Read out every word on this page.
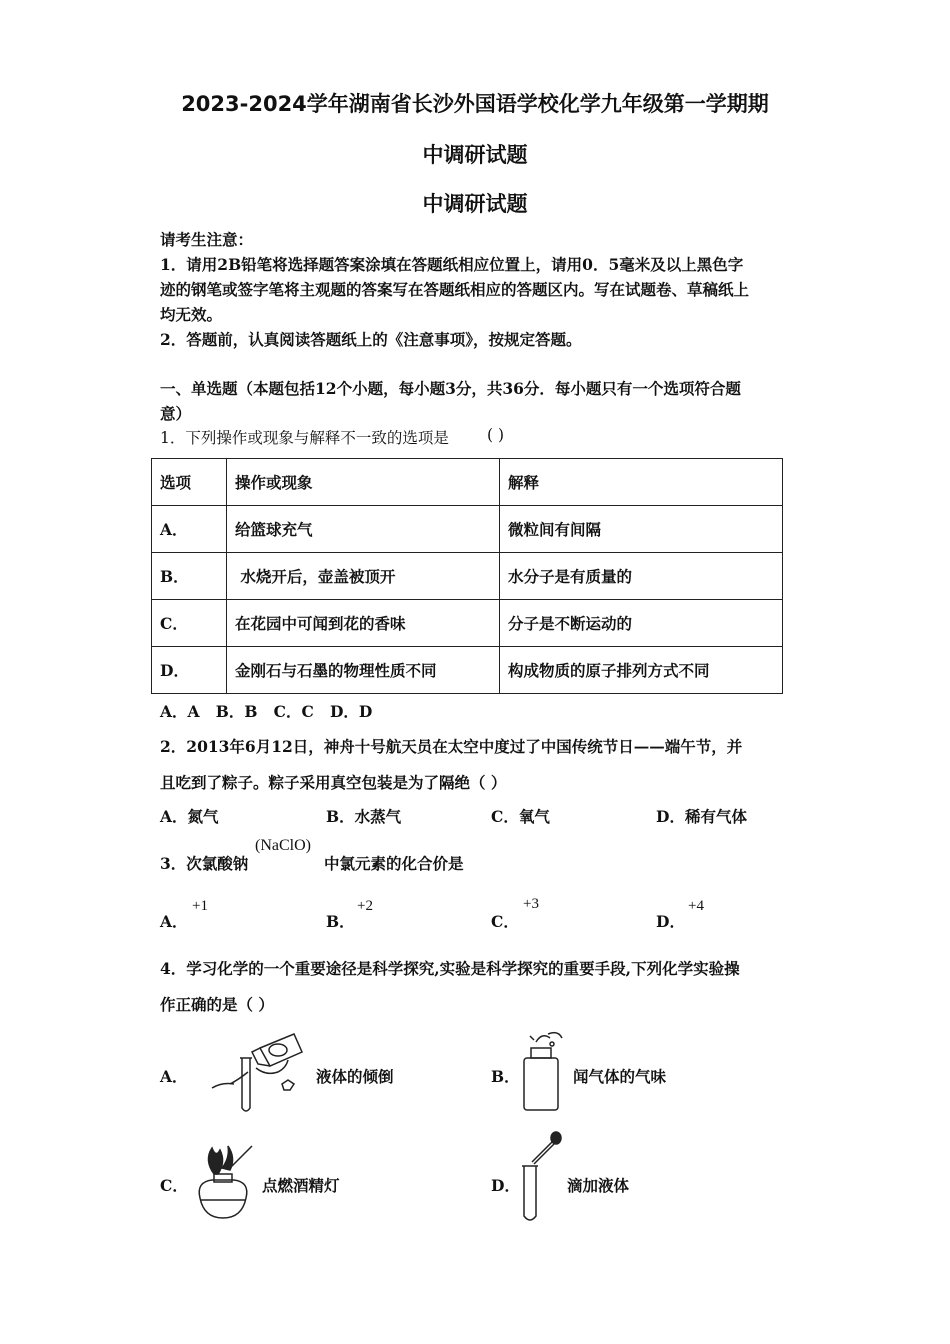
2023-2024学年湖南省长沙外国语学校化学九年级第一学期期
中调研试题
中调研试题
请考生注意：
1．请用2B铅笔将选择题答案涂填在答题纸相应位置上，请用0．5毫米及以上黑色字
迹的钢笔或签字笔将主观题的答案写在答题纸相应的答题区内。写在试题卷、草稿纸上
均无效。
2．答题前，认真阅读答题纸上的《注意事项》，按规定答题。
一、单选题（本题包括12个小题，每小题3分，共36分．每小题只有一个选项符合题
意）
1．下列操作或现象与解释不一致的选项是 ( )
选项	操作或现象	解释
A．	给篮球充气	微粒间有间隔
B．	水烧开后，壶盖被顶开	水分子是有质量的
C．	在花园中可闻到花的香味	分子是不断运动的
D．	金刚石与石墨的物理性质不同	构成物质的原子排列方式不同
A．A   B．B   C．C   D．D
2．2013年6月12日，神舟十号航天员在太空中度过了中国传统节日——端午节，并
且吃到了粽子。粽子采用真空包装是为了隔绝（ ）
A．氮气	B．水蒸气	C．氧气	D．稀有气体
3．次氯酸钠
(NaClO)
中氯元素的化合价是
A．
+1
B．
+2
C．
+3
D．
+4
4．学习化学的一个重要途径是科学探究,实验是科学探究的重要手段,下列化学实验操
作正确的是（ ）
A．	液体的倾倒	B．	闻气体的气味
C．	点燃酒精灯	D．	滴加液体
